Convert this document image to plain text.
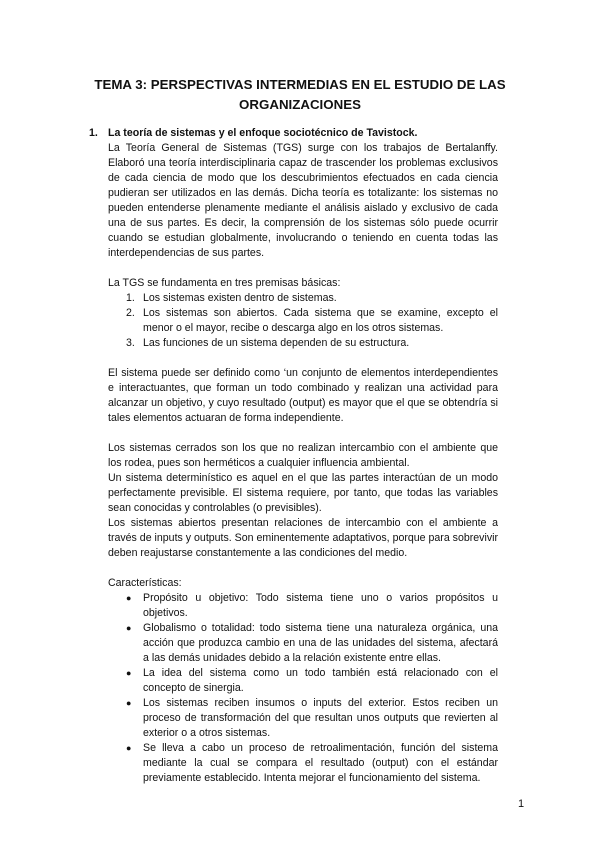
TEMA 3: PERSPECTIVAS INTERMEDIAS EN EL ESTUDIO DE LAS
ORGANIZACIONES
1. La teoría de sistemas y el enfoque sociotécnico de Tavistock.

La Teoría General de Sistemas (TGS) surge con los trabajos de Bertalanffy. Elaboró una teoría interdisciplinaria capaz de trascender los problemas exclusivos de cada ciencia de modo que los descubrimientos efectuados en cada ciencia pudieran ser utilizados en las demás. Dicha teoría es totalizante: los sistemas no pueden entenderse plenamente mediante el análisis aislado y exclusivo de cada una de sus partes. Es decir, la comprensión de los sistemas sólo puede ocurrir cuando se estudian globalmente, involucrando o teniendo en cuenta todas las interdependencias de sus partes.

La TGS se fundamenta en tres premisas básicas:

1. Los sistemas existen dentro de sistemas.
2. Los sistemas son abiertos. Cada sistema que se examine, excepto el menor o el mayor, recibe o descarga algo en los otros sistemas.
3. Las funciones de un sistema dependen de su estructura.

El sistema puede ser definido como ‘un conjunto de elementos interdependientes e interactuantes, que forman un todo combinado y realizan una actividad para alcanzar un objetivo, y cuyo resultado (output) es mayor que el que se obtendría si tales elementos actuaran de forma independiente.

Los sistemas cerrados son los que no realizan intercambio con el ambiente que los rodea, pues son herméticos a cualquier influencia ambiental.

Un sistema determinístico es aquel en el que las partes interactúan de un modo perfectamente previsible. El sistema requiere, por tanto, que todas las variables sean conocidas y controlables (o previsibles).

Los sistemas abiertos presentan relaciones de intercambio con el ambiente a través de inputs y outputs. Son eminentemente adaptativos, porque para sobrevivir deben reajustarse constantemente a las condiciones del medio.

Características:

● Propósito u objetivo: Todo sistema tiene uno o varios propósitos u objetivos.
● Globalismo o totalidad: todo sistema tiene una naturaleza orgánica, una acción que produzca cambio en una de las unidades del sistema, afectará a las demás unidades debido a la relación existente entre ellas.
● La idea del sistema como un todo también está relacionado con el concepto de sinergia.
● Los sistemas reciben insumos o inputs del exterior. Estos reciben un proceso de transformación del que resultan unos outputs que revierten al exterior o a otros sistemas.
● Se lleva a cabo un proceso de retroalimentación, función del sistema mediante la cual se compara el resultado (output) con el estándar previamente establecido. Intenta mejorar el funcionamiento del sistema.
1
